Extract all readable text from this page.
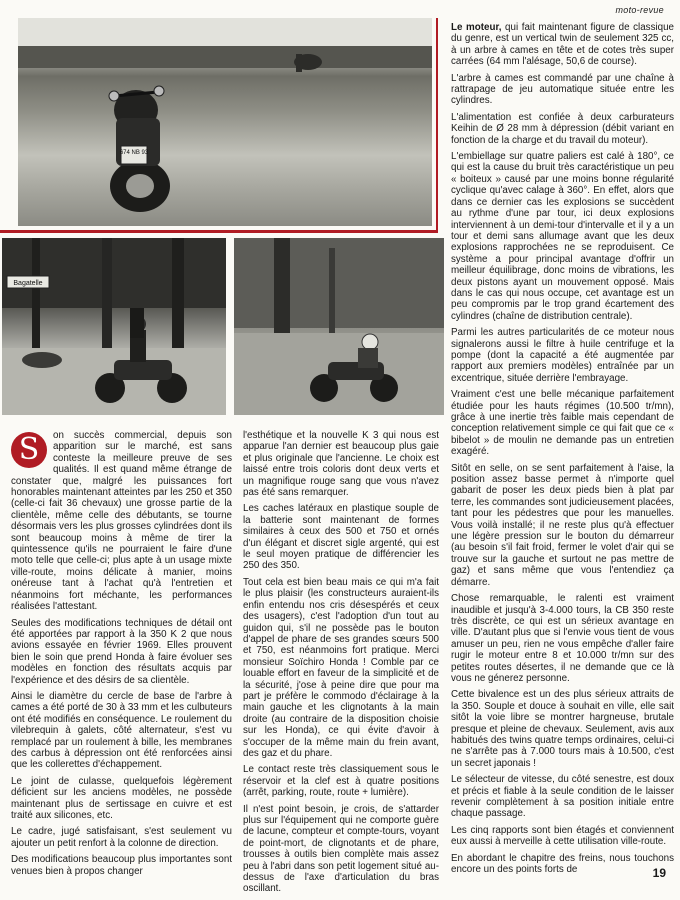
moto-revue
674 NB 93
Bagatelle

S	on succès commercial, depuis son apparition sur le marché, est sans conteste la meilleure preuve de ses qualités. Il est quand même étrange de constater que, malgré les puissances fort honorables maintenant atteintes par les 250 et 350 (celle-ci fait 36 chevaux) une grosse partie de la clientèle, même celle des débutants, se tourne désormais vers les plus grosses cylindrées dont ils sont beaucoup moins à même de tirer la quintessence qu'ils ne pourraient le faire d'une moto telle que celle-ci; plus apte à un usage mixte ville-route, moins délicate à manier, moins onéreuse tant à l'achat qu'à l'entretien et néanmoins fort méchante, les performances réalisées l'attestant.

Seules des modifications techniques de détail ont été apportées par rapport à la 350 K 2 que nous avions essayée en février 1969. Elles prouvent bien le soin que prend Honda à faire évoluer ses modèles en fonction des résultats acquis par l'expérience et des désirs de sa clientèle.

Ainsi le diamètre du cercle de base de l'arbre à cames a été porté de 30 à 33 mm et les culbuteurs ont été modifiés en conséquence. Le roulement du vilebrequin à galets, côté alternateur, s'est vu remplacé par un roulement à bille, les membranes des carbus à dépression ont été renforcées ainsi que les collerettes d'échappement.

Le joint de culasse, quelquefois légèrement déficient sur les anciens modèles, ne possède maintenant plus de sertissage en cuivre et est traité aux silicones, etc.

Le cadre, jugé satisfaisant, s'est seulement vu ajouter un petit renfort à la colonne de direction.

Des modifications beaucoup plus importantes sont venues bien à propos changer

l'esthétique et la nouvelle K 3 qui nous est apparue l'an dernier est beaucoup plus gaie et plus originale que l'ancienne. Le choix est laissé entre trois coloris dont deux verts et un magnifique rouge sang que vous n'avez pas été sans remarquer.

Les caches latéraux en plastique souple de la batterie sont maintenant de formes similaires à ceux des 500 et 750 et ornés d'un élégant et discret sigle argenté, qui est le seul moyen pratique de différencier les 250 des 350.

Tout cela est bien beau mais ce qui m'a fait le plus plaisir (les constructeurs auraient-ils enfin entendu nos cris désespérés et ceux des usagers), c'est l'adoption d'un tout au guidon qui, s'il ne possède pas le bouton d'appel de phare de ses grandes sœurs 500 et 750, est néanmoins fort pratique. Merci monsieur Soïchiro Honda ! Comble par ce louable effort en faveur de la simplicité et de la sécurité, j'ose à peine dire que pour ma part je préfère le commodo d'éclairage à la main gauche et les clignotants à la main droite (au contraire de la disposition choisie sur les Honda), ce qui évite d'avoir à s'occuper de la même main du frein avant, des gaz et du phare.

Le contact reste très classiquement sous le réservoir et la clef est à quatre positions (arrêt, parking, route, route + lumière).

Il n'est point besoin, je crois, de s'attarder plus sur l'équipement qui ne comporte guère de lacune, compteur et compte-tours, voyant de point-mort, de clignotants et de phare, trousses à outils bien complète mais assez peu à l'abri dans son petit logement situé au-dessus de l'axe d'articulation du bras oscillant.

Le moteur, qui fait maintenant figure de classique du genre, est un vertical twin de seulement 325 cc, à un arbre à cames en tête et de cotes très super carrées (64 mm l'alésage, 50,6 de course).

L'arbre à cames est commandé par une chaîne à rattrapage de jeu automatique située entre les cylindres.

L'alimentation est confiée à deux carburateurs Keihin de Ø 28 mm à dépression (débit variant en fonction de la charge et du travail du moteur).

L'embiellage sur quatre paliers est calé à 180°, ce qui est la cause du bruit très caractéristique un peu « boiteux » causé par une moins bonne régularité cyclique qu'avec calage à 360°. En effet, alors que dans ce dernier cas les explosions se succèdent au rythme d'une par tour, ici deux explosions interviennent à un demi-tour d'intervalle et il y a un tour et demi sans allumage avant que les deux explosions rapprochées ne se reproduisent. Ce système a pour principal avantage d'offrir un meilleur équilibrage, donc moins de vibrations, les deux pistons ayant un mouvement opposé. Mais dans le cas qui nous occupe, cet avantage est un peu compromis par le trop grand écartement des cylindres (chaîne de distribution centrale).

Parmi les autres particularités de ce moteur nous signalerons aussi le filtre à huile centrifuge et la pompe (dont la capacité a été augmentée par rapport aux premiers modèles) entraînée par un excentrique, située derrière l'embrayage.

Vraiment c'est une belle mécanique parfaitement étudiée pour les hauts régimes (10.500 tr/mn), grâce à une inertie très faible mais cependant de conception relativement simple ce qui fait que ce « bibelot » de moulin ne demande pas un entretien exagéré.

Sitôt en selle, on se sent parfaitement à l'aise, la position assez basse permet à n'importe quel gabarit de poser les deux pieds bien à plat par terre, les commandes sont judicieusement placées, tant pour les pédestres que pour les manuelles. Vous voilà installé; il ne reste plus qu'à effectuer une légère pression sur le bouton du démarreur (au besoin s'il fait froid, fermer le volet d'air qui se trouve sur la gauche et surtout ne pas mettre de gaz) et sans même que vous l'entendiez ça démarre.

Chose remarquable, le ralenti est vraiment inaudible et jusqu'à 3-4.000 tours, la CB 350 reste très discrète, ce qui est un sérieux avantage en ville. D'autant plus que si l'envie vous tient de vous amuser un peu, rien ne vous empêche d'aller faire rugir le moteur entre 8 et 10.000 tr/mn sur des petites routes désertes, il ne demande que ce là vous ne génerez personne.

Cette bivalence est un des plus sérieux attraits de la 350. Souple et douce à souhait en ville, elle sait sitôt la voie libre se montrer hargneuse, brutale presque et pleine de chevaux. Seulement, avis aux habitués des twins quatre temps ordinaires, celui-ci ne s'arrête pas à 7.000 tours mais à 10.500, c'est un secret japonais !

Le sélecteur de vitesse, du côté senestre, est doux et précis et fiable à la seule condition de le laisser revenir complètement à sa position initiale entre chaque passage.

Les cinq rapports sont bien étagés et conviennent eux aussi à merveille à cette utilisation ville-route.

En abordant le chapitre des freins, nous touchons encore un des points forts de	19
